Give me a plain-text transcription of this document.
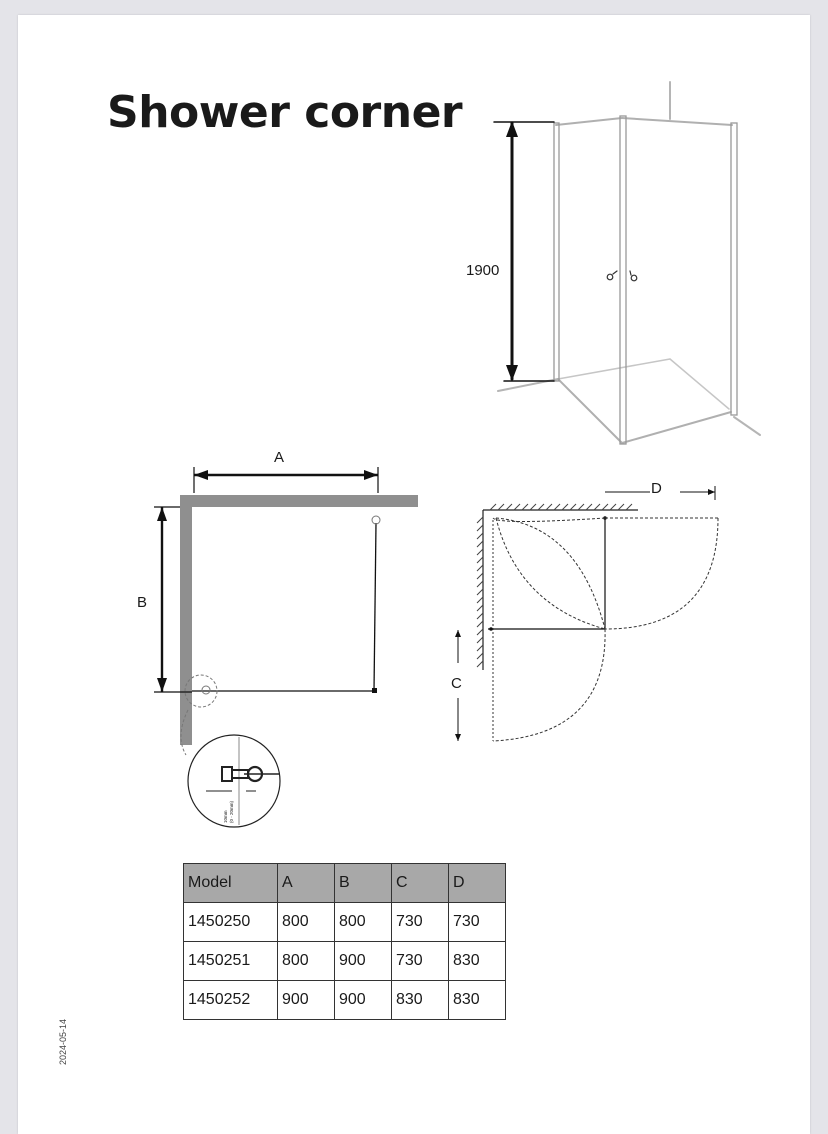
Shower corner
1900
A
B
10mm (0 - 20mm)
D
C
Model	A	B	C	D
1450250	800	800	730	730
1450251	800	900	730	830
1450252	900	900	830	830
2024-05-14
